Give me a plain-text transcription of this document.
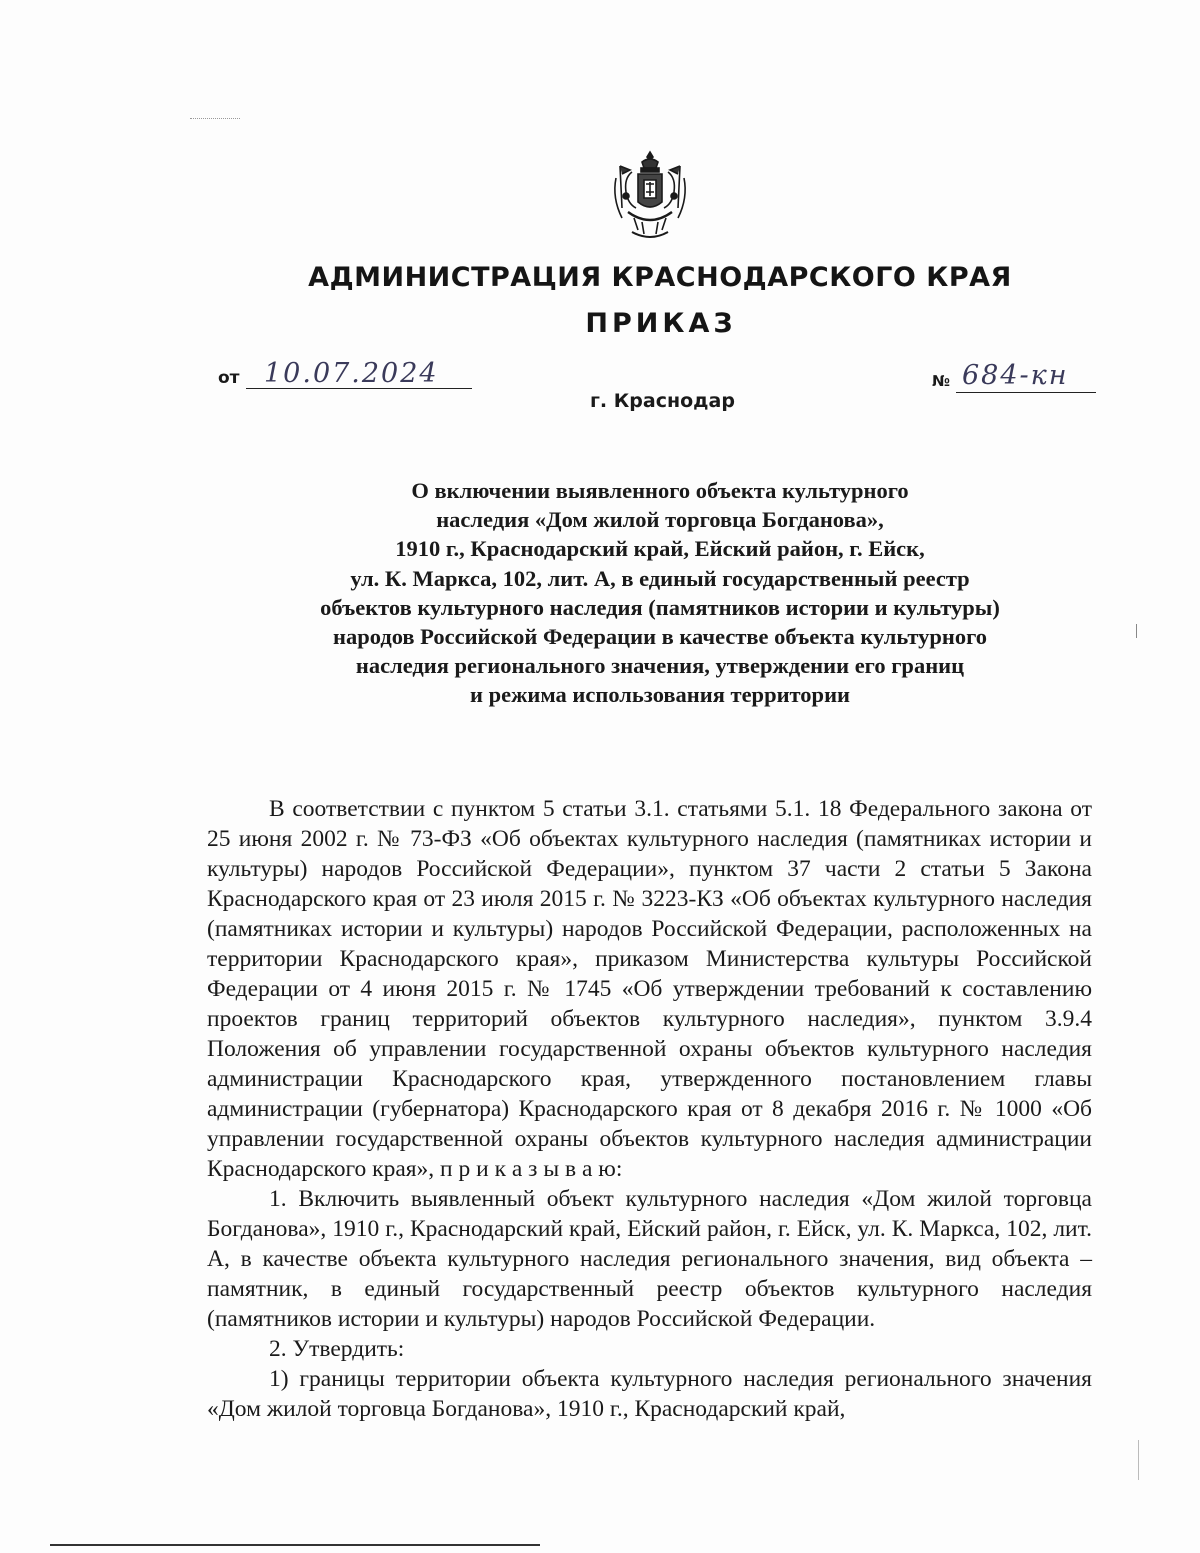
АДМИНИСТРАЦИЯ КРАСНОДАРСКОГО КРАЯ
ПРИКАЗ
от 10.07.2024
г. Краснодар
№ 684-кн
О включении выявленного объекта культурного
наследия «Дом жилой торговца Богданова»,
1910 г., Краснодарский край, Ейский район, г. Ейск,
ул. К. Маркса, 102, лит. А, в единый государственный реестр
объектов культурного наследия (памятников истории и культуры)
народов Российской Федерации в качестве объекта культурного
наследия регионального значения, утверждении его границ
и режима использования территории

В соответствии с пунктом 5 статьи 3.1. статьями 5.1. 18 Федерального закона от 25 июня 2002 г. № 73-ФЗ «Об объектах культурного наследия (памятниках истории и культуры) народов Российской Федерации», пунктом 37 части 2 статьи 5 Закона Краснодарского края от 23 июля 2015 г. № 3223-КЗ «Об объектах культурного наследия (памятниках истории и культуры) народов Российской Федерации, расположенных на территории Краснодарского края», приказом Министерства культуры Российской Федерации от 4 июня 2015 г. № 1745 «Об утверждении требований к составлению проектов границ территорий объектов культурного наследия», пунктом 3.9.4 Положения об управлении государственной охраны объектов культурного наследия администрации Краснодарского края, утвержденного постановлением главы администрации (губернатора) Краснодарского края от 8 декабря 2016 г. № 1000 «Об управлении государственной охраны объектов культурного наследия администрации Краснодарского края», п р и к а з ы в а ю:

1. Включить выявленный объект культурного наследия «Дом жилой торговца Богданова», 1910 г., Краснодарский край, Ейский район, г. Ейск, ул. К. Маркса, 102, лит. А, в качестве объекта культурного наследия регионального значения, вид объекта – памятник, в единый государственный реестр объектов культурного наследия (памятников истории и культуры) народов Российской Федерации.

2. Утвердить:

1) границы территории объекта культурного наследия регионального значения «Дом жилой торговца Богданова», 1910 г., Краснодарский край,
